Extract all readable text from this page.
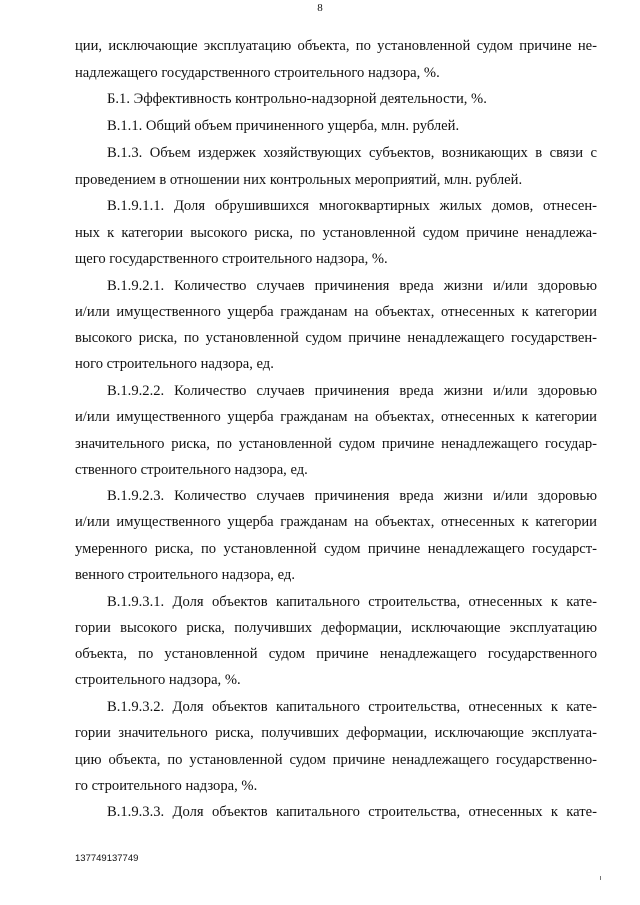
8
ции, исключающие эксплуатацию объекта, по установленной судом причине не-
надлежащего государственного строительного надзора, %.
Б.1. Эффективность контрольно-надзорной деятельности, %.
В.1.1. Общий объем причиненного ущерба, млн. рублей.
В.1.3. Объем издержек хозяйствующих субъектов, возникающих в связи с
проведением в отношении них контрольных мероприятий, млн. рублей.
В.1.9.1.1. Доля обрушившихся многоквартирных жилых домов, отнесен-
ных к категории высокого риска, по установленной судом причине ненадлежа-
щего государственного строительного надзора, %.
В.1.9.2.1. Количество случаев причинения вреда жизни и/или здоровью
и/или имущественного ущерба гражданам на объектах, отнесенных к категории
высокого риска, по установленной судом причине ненадлежащего государствен-
ного строительного надзора, ед.
В.1.9.2.2. Количество случаев причинения вреда жизни и/или здоровью
и/или имущественного ущерба гражданам на объектах, отнесенных к категории
значительного риска, по установленной судом причине ненадлежащего государ-
ственного строительного надзора, ед.
В.1.9.2.3. Количество случаев причинения вреда жизни и/или здоровью
и/или имущественного ущерба гражданам на объектах, отнесенных к категории
умеренного риска, по установленной судом причине ненадлежащего государст-
венного строительного надзора, ед.
В.1.9.3.1. Доля объектов капитального строительства, отнесенных к кате-
гории высокого риска, получивших деформации, исключающие эксплуатацию
объекта, по установленной судом причине ненадлежащего государственного
строительного надзора, %.
В.1.9.3.2. Доля объектов капитального строительства, отнесенных к кате-
гории значительного риска, получивших деформации, исключающие эксплуата-
цию объекта, по установленной судом причине ненадлежащего государственно-
го строительного надзора, %.
В.1.9.3.3. Доля объектов капитального строительства, отнесенных к кате-
137749137749
